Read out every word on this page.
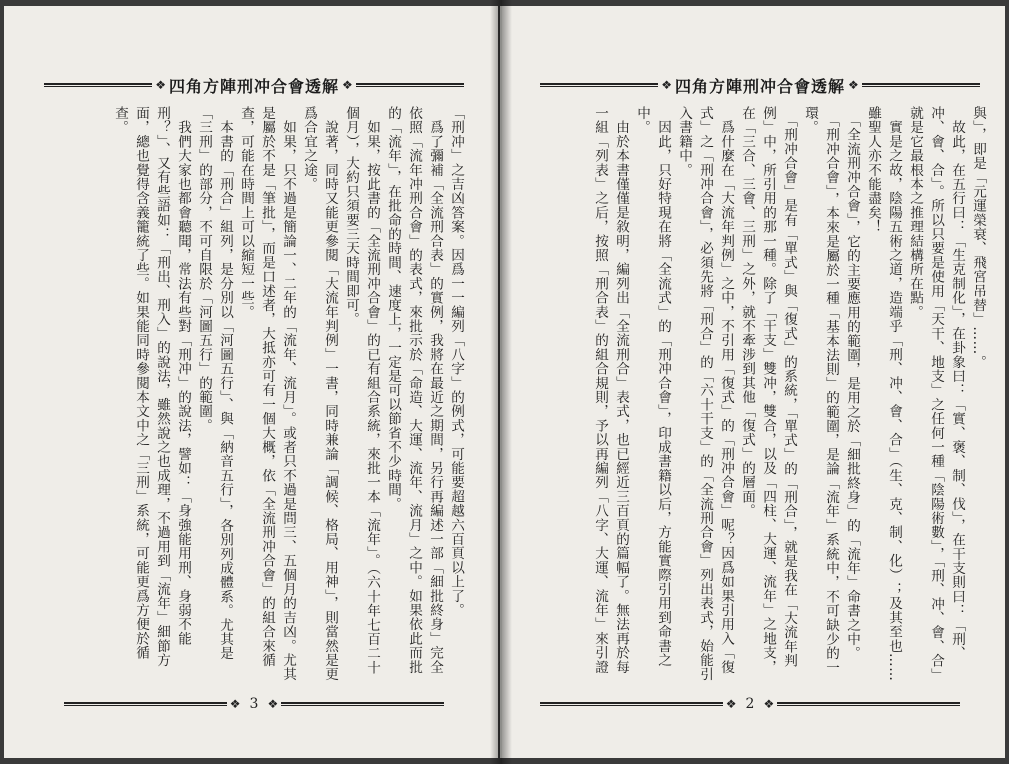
❖ 四角方陣刑冲合會透解 ❖

「刑冲」之吉凶答案。因爲一一編列「八字」的例式，可能要超越六百頁以上了。

　爲了彌補「全流刑合表」的實例，我將在最近之期間，另行再編述一部「細批終身」完全依照「流年冲刑合會」的表式，來批示於「命造、大運、流年、流月」之中。如果依此而批的「流年」，在批命的時間、速度上，一定是可以節省不少時間。

　如果，按此書的「全流刑冲合會」的已有組合系統，來批一本「流年」。（六十年七百二十個月），大約只須要三天時間即可。

　說著，同時又能更參閱「大流年判例」一書，同時兼論「調候、格局、用神」，則當然是更爲合宜之途。

　如果，只不過是簡論一、二年的「流年、流月」。或者只不過是問三、五個月的吉凶。尤其是屬於不是「筆批」，而是口述者，大抵亦可有一個大概，依「全流刑冲合會」的組合來循查，可能在時間上可以縮短一些。

　本書的「刑合」組列，是分別以「河圖五行」、與「納音五行」，各別列成體系。尤其是「三刑」的部分，不可自限於「河圖五行」的範圍。

　我們大家也都會聽聞，常法有些對「刑冲」的說法，譬如：「身強能用刑、身弱不能刑？」、又有些語如：「刑出、刑入」的說法，雖然說之也成理，不過用到「流年」細節方面，總也覺得含義籠統了些。如果能同時參閱本文中之「三刑」系統，可能更爲方便於循查。

❖ 3 ❖
❖ 四角方陣刑冲合會透解 ❖

與」，即是「元運榮衰、飛宮吊替」……。

　故此，在五行曰：「生克制化」，在卦象曰：「實、褒、制、伐」，在干支則曰：「刑、冲、會、合」。所以只要是使用「天干、地支」之任何一種「陰陽術數」，「刑、冲、會、合」就是它最根本之推理結構所在點。

　實是之故，陰陽五術之道，造端乎「刑、冲、會、合」（生、克、制、化）；及其至也……雖聖人亦不能盡矣！

　「全流刑冲合會」，它的主要應用的範圍，是用之於「細批終身」的「流年」命書之中。

　「刑冲合會」，本來是屬於一種「基本法則」的範圍，是論「流年」系統中，不可缺少的一環。

　「刑冲合會」是有「單式」與「復式」的系統，「單式」的「刑合」，就是我在「大流年判例」中，所引用的那一種。除了「干支」雙冲，雙合，以及「四柱、大運、流年」之地支，在「三合、三會、三刑」之外，就不牽涉到其他「復式」的層面。

　爲什麼在「大流年判例」之中，不引用「復式」的「刑冲合會」呢？因爲如果引用入「復式」之「刑冲合會」，必須先將「刑合」的「六十干支」的「全流刑合會」列出表式，始能引入書籍中。

　因此，只好特現在將「全流式」的「刑冲合會」，印成書籍以后，方能實際引用到命書之中。

　由於本書僅僅是敘明，編列出「全流刑合」表式，也已經近三百頁的篇幅了。無法再於每一組「列表」之后，按照「刑合表」的組合規則，予以再編列「八字、大運、流年」來引證

❖ 2 ❖
